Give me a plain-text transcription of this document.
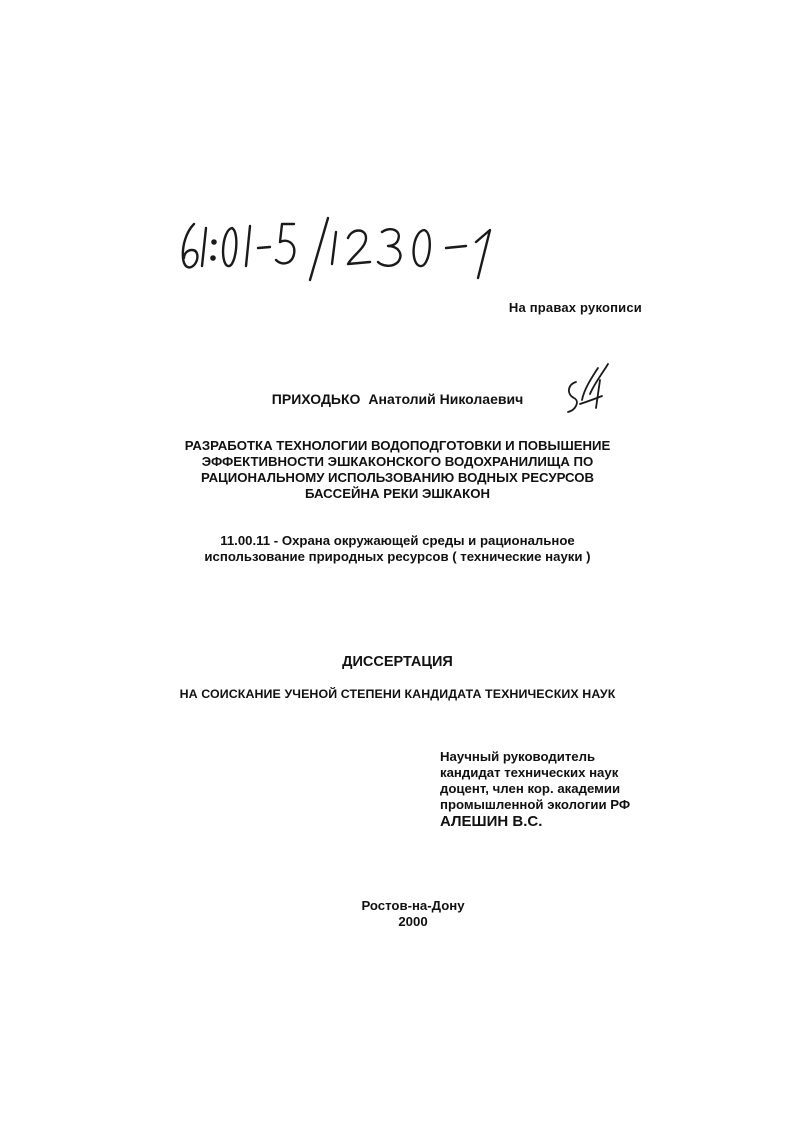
На правах рукописи
ПРИХОДЬКО Анатолий Николаевич
РАЗРАБОТКА ТЕХНОЛОГИИ ВОДОПОДГОТОВКИ И ПОВЫШЕНИЕ
ЭФФЕКТИВНОСТИ ЭШКАКОНСКОГО ВОДОХРАНИЛИЩА ПО
РАЦИОНАЛЬНОМУ ИСПОЛЬЗОВАНИЮ ВОДНЫХ РЕСУРСОВ
БАССЕЙНА РЕКИ ЭШКАКОН
11.00.11 - Охрана окружающей среды и рациональное
использование природных ресурсов ( технические науки )
ДИССЕРТАЦИЯ
НА СОИСКАНИЕ УЧЕНОЙ СТЕПЕНИ КАНДИДАТА ТЕХНИЧЕСКИХ НАУК
Научный руководитель
кандидат технических наук
доцент, член кор. академии
промышленной экологии РФ
АЛЕШИН В.С.
Ростов-на-Дону
2000
